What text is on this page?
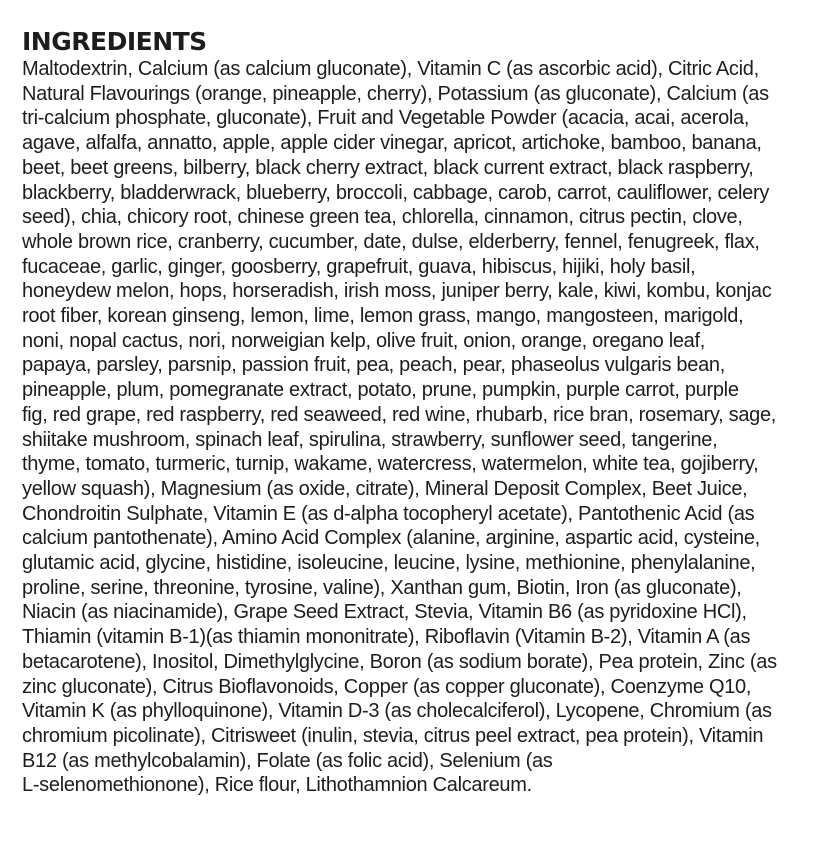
INGREDIENTS
Maltodextrin, Calcium (as calcium gluconate), Vitamin C (as ascorbic acid), Citric Acid,
Natural Flavourings (orange, pineapple, cherry), Potassium (as gluconate), Calcium (as
tri-calcium phosphate, gluconate), Fruit and Vegetable Powder (acacia, acai, acerola,
agave, alfalfa, annatto, apple, apple cider vinegar, apricot, artichoke, bamboo, banana,
beet, beet greens, bilberry, black cherry extract, black current extract, black raspberry,
blackberry, bladderwrack, blueberry, broccoli, cabbage, carob, carrot, cauliflower, celery
seed), chia, chicory root, chinese green tea, chlorella, cinnamon, citrus pectin, clove,
whole brown rice, cranberry, cucumber, date, dulse, elderberry, fennel, fenugreek, flax,
fucaceae, garlic, ginger, goosberry, grapefruit, guava, hibiscus, hijiki, holy basil,
honeydew melon, hops, horseradish, irish moss, juniper berry, kale, kiwi, kombu, konjac
root fiber, korean ginseng, lemon, lime, lemon grass, mango, mangosteen, marigold,
noni, nopal cactus, nori, norweigian kelp, olive fruit, onion, orange, oregano leaf,
papaya, parsley, parsnip, passion fruit, pea, peach, pear, phaseolus vulgaris bean,
pineapple, plum, pomegranate extract, potato, prune, pumpkin, purple carrot, purple
fig, red grape, red raspberry, red seaweed, red wine, rhubarb, rice bran, rosemary, sage,
shiitake mushroom, spinach leaf, spirulina, strawberry, sunflower seed, tangerine,
thyme, tomato, turmeric, turnip, wakame, watercress, watermelon, white tea, gojiberry,
yellow squash), Magnesium (as oxide, citrate), Mineral Deposit Complex, Beet Juice,
Chondroitin Sulphate, Vitamin E (as d-alpha tocopheryl acetate), Pantothenic Acid (as
calcium pantothenate), Amino Acid Complex (alanine, arginine, aspartic acid, cysteine,
glutamic acid, glycine, histidine, isoleucine, leucine, lysine, methionine, phenylalanine,
proline, serine, threonine, tyrosine, valine), Xanthan gum, Biotin, Iron (as gluconate),
Niacin (as niacinamide), Grape Seed Extract, Stevia, Vitamin B6 (as pyridoxine HCl),
Thiamin (vitamin B-1)(as thiamin mononitrate), Riboflavin (Vitamin B-2), Vitamin A (as
betacarotene), Inositol, Dimethylglycine, Boron (as sodium borate), Pea protein, Zinc (as
zinc gluconate), Citrus Bioflavonoids, Copper (as copper gluconate), Coenzyme Q10,
Vitamin K (as phylloquinone), Vitamin D-3 (as cholecalciferol), Lycopene, Chromium (as
chromium picolinate), Citrisweet (inulin, stevia, citrus peel extract, pea protein), Vitamin
B12 (as methylcobalamin), Folate (as folic acid), Selenium (as
L-selenomethionone), Rice flour, Lithothamnion Calcareum.
